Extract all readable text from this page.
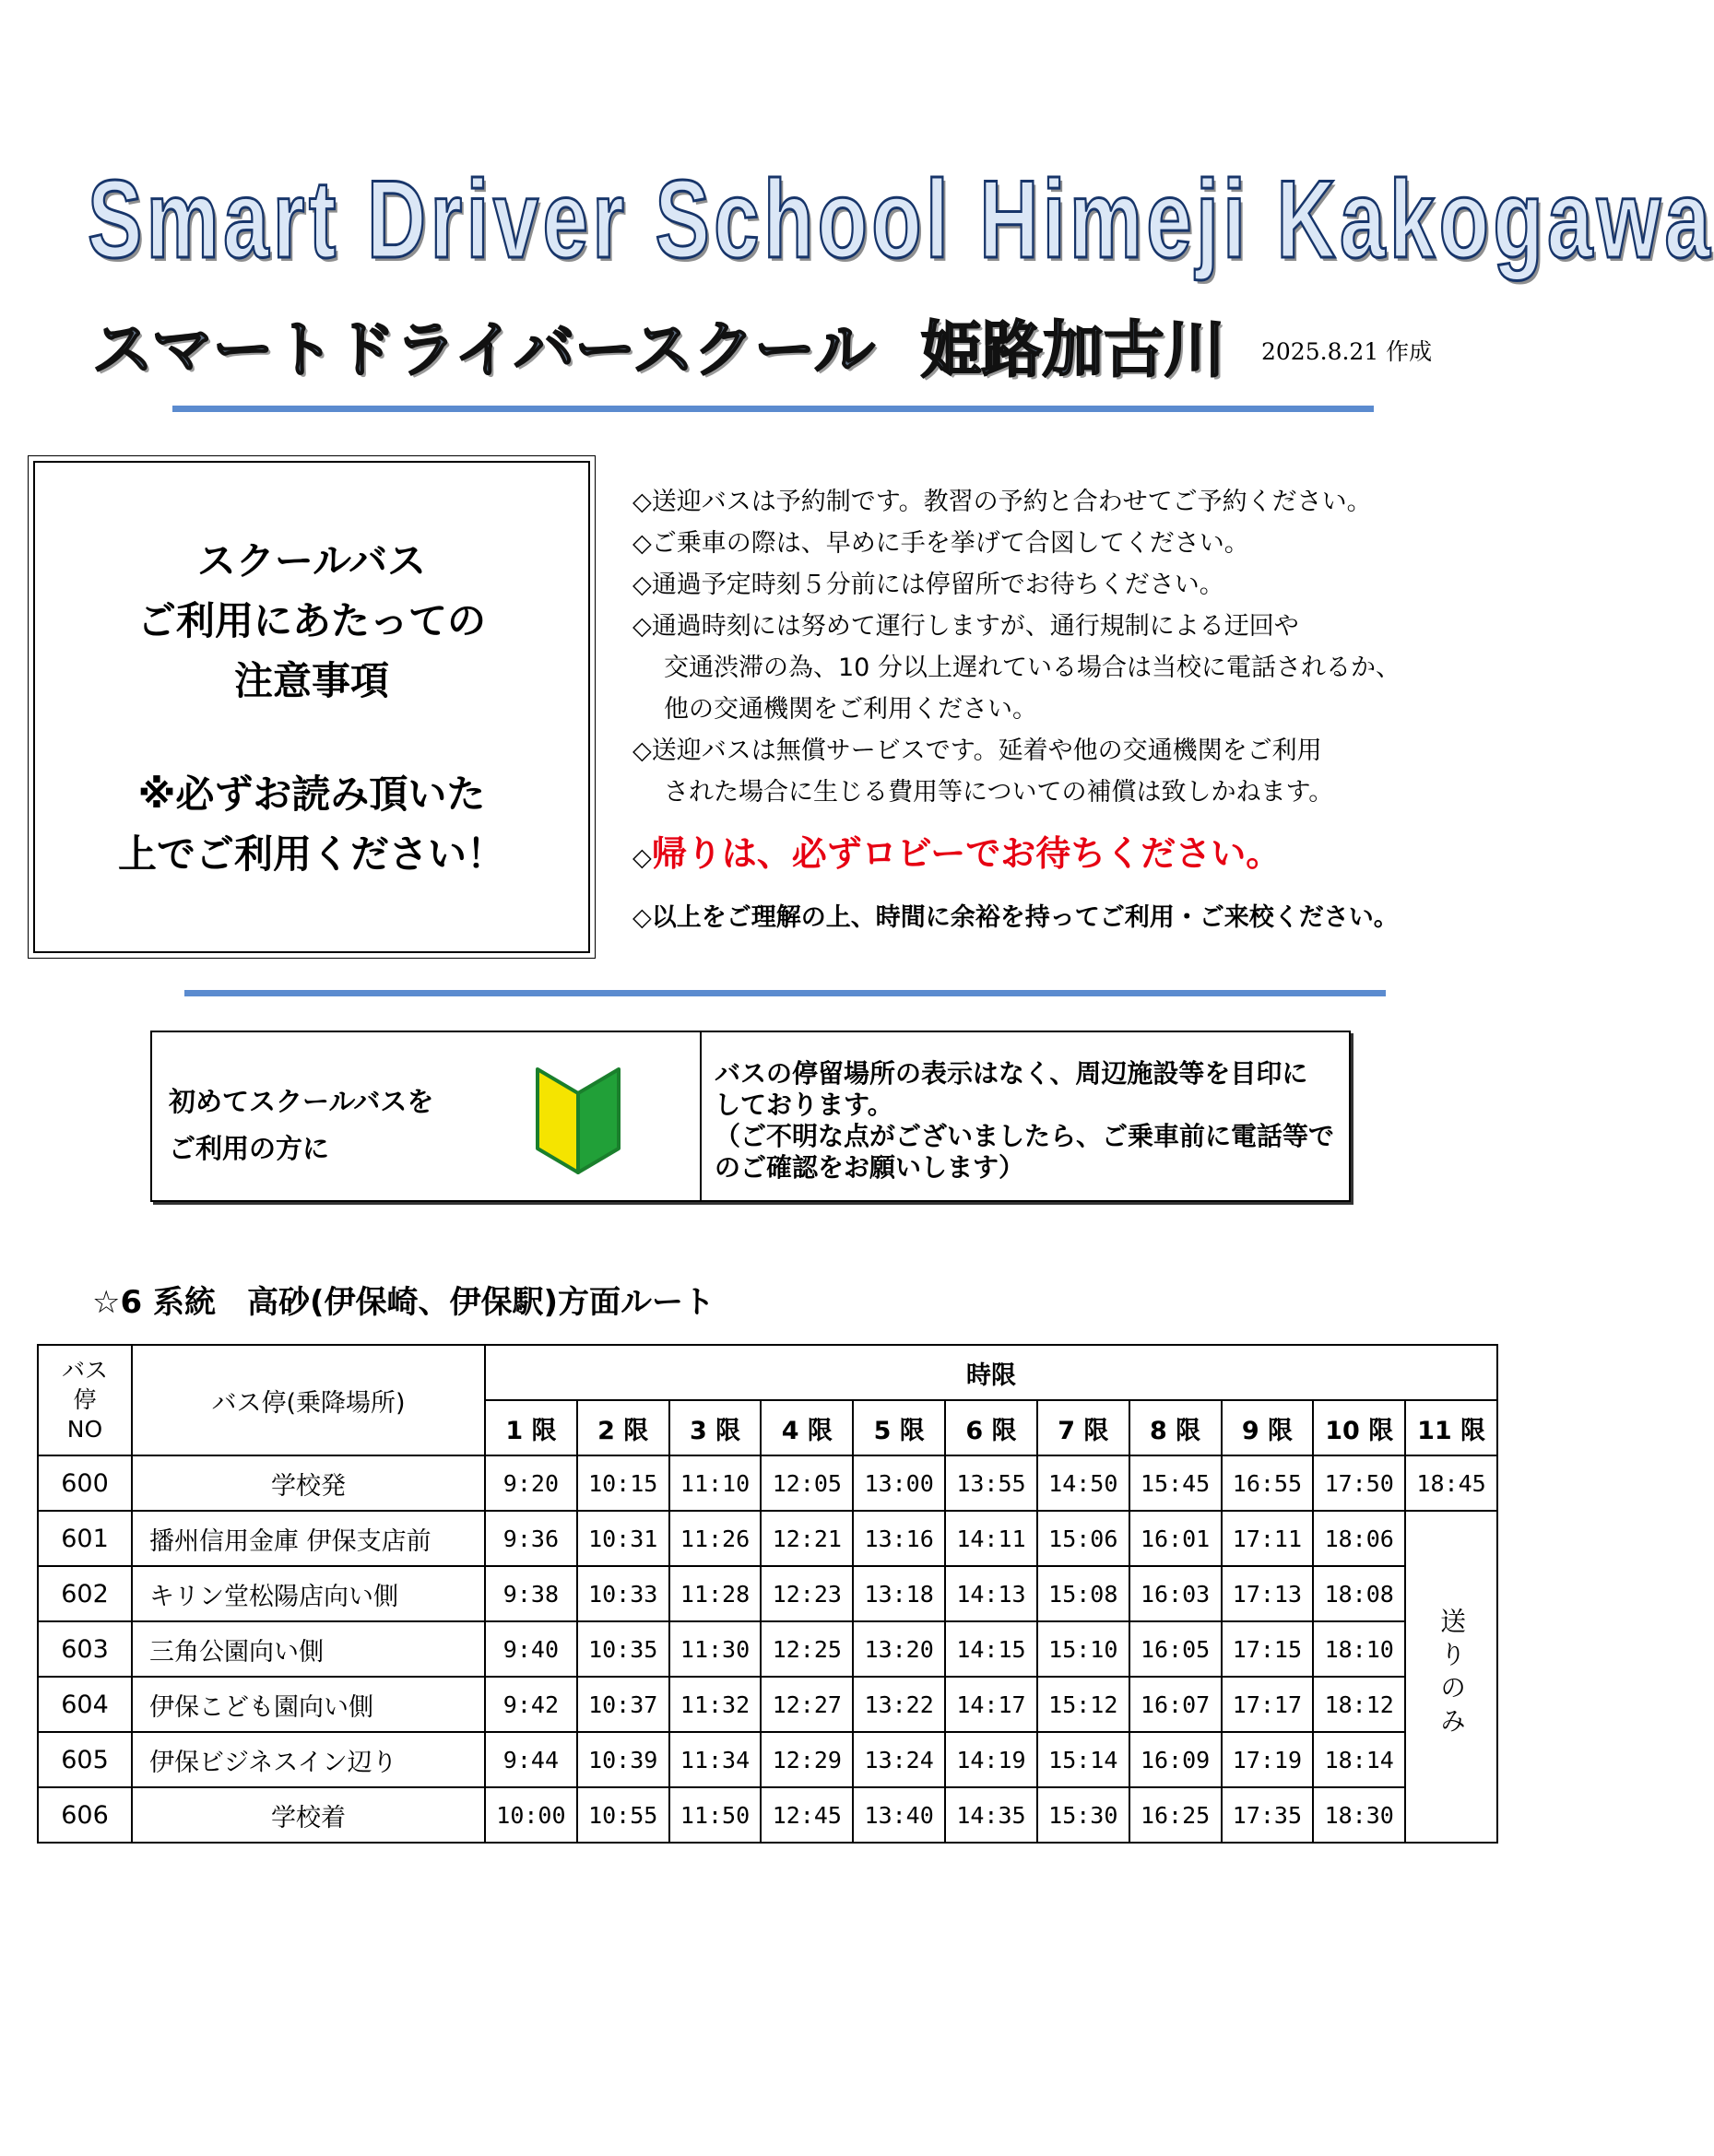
Smart Driver School Himeji Kakogawa
スマートドライバースクール 姫路加古川 2025.8.21 作成
スクールバス
ご利用にあたっての
注意事項
※必ずお読み頂いた
上でご利用ください！
◇送迎バスは予約制です。教習の予約と合わせてご予約ください。
◇ご乗車の際は、早めに手を挙げて合図してください。
◇通過予定時刻５分前には停留所でお待ちください。
◇通過時刻には努めて運行しますが、通行規制による迂回や
交通渋滞の為、10 分以上遅れている場合は当校に電話されるか、
他の交通機関をご利用ください。
◇送迎バスは無償サービスです。延着や他の交通機関をご利用
された場合に生じる費用等についての補償は致しかねます。
◇帰りは、必ずロビーでお待ちください。
◇以上をご理解の上、時間に余裕を持ってご利用・ご来校ください。
初めてスクールバスを
ご利用の方に
バスの停留場所の表示はなく、周辺施設等を目印に
しております。
（ご不明な点がございましたら、ご乗車前に電話等で
のご確認をお願いします）
☆6 系統　高砂(伊保崎、伊保駅)方面ルート
バス
停
NO	バス停(乗降場所)	時限										
		1 限	2 限	3 限	4 限	5 限	6 限	7 限	8 限	9 限	10 限	11 限
600	学校発	9:20	10:15	11:10	12:05	13:00	13:55	14:50	15:45	16:55	17:50	18:45
601	播州信用金庫 伊保支店前	9:36	10:31	11:26	12:21	13:16	14:11	15:06	16:01	17:11	18:06	送りのみ
602	キリン堂松陽店向い側	9:38	10:33	11:28	12:23	13:18	14:13	15:08	16:03	17:13	18:08	
603	三角公園向い側	9:40	10:35	11:30	12:25	13:20	14:15	15:10	16:05	17:15	18:10	
604	伊保こども園向い側	9:42	10:37	11:32	12:27	13:22	14:17	15:12	16:07	17:17	18:12	
605	伊保ビジネスイン辺り	9:44	10:39	11:34	12:29	13:24	14:19	15:14	16:09	17:19	18:14	
606	学校着	10:00	10:55	11:50	12:45	13:40	14:35	15:30	16:25	17:35	18:30	
